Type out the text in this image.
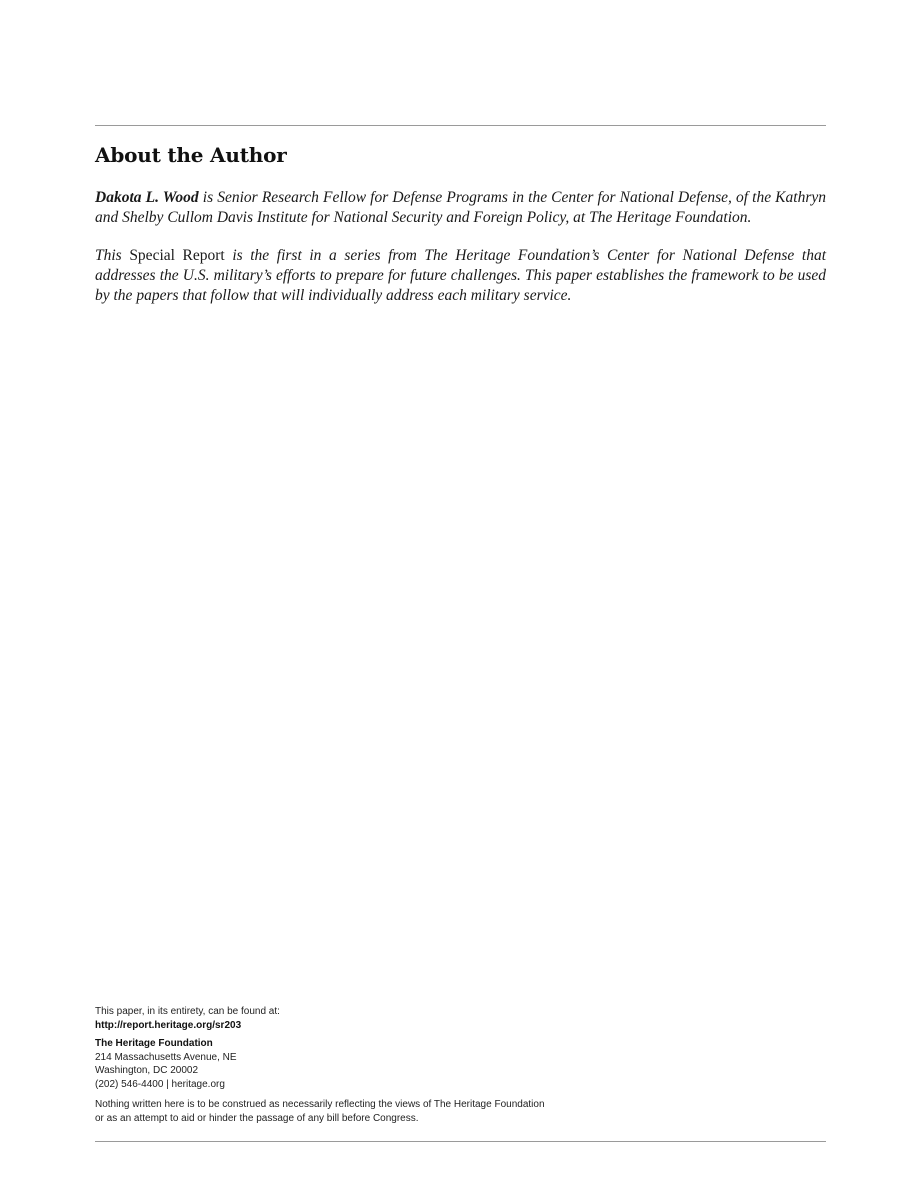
About the Author

Dakota L. Wood is Senior Research Fellow for Defense Programs in the Center for National Defense, of the Kathryn and Shelby Cullom Davis Institute for National Security and Foreign Policy, at The Heritage Foundation.

This Special Report is the first in a series from The Heritage Foundation’s Center for National Defense that addresses the U.S. military’s efforts to prepare for future challenges. This paper establishes the framework to be used by the papers that follow that will individually address each military service.

This paper, in its entirety, can be found at:
http://report.heritage.org/sr203
The Heritage Foundation
214 Massachusetts Avenue, NE
Washington, DC 20002
(202) 546-4400 | heritage.org
Nothing written here is to be construed as necessarily reflecting the views of The Heritage Foundation
or as an attempt to aid or hinder the passage of any bill before Congress.
